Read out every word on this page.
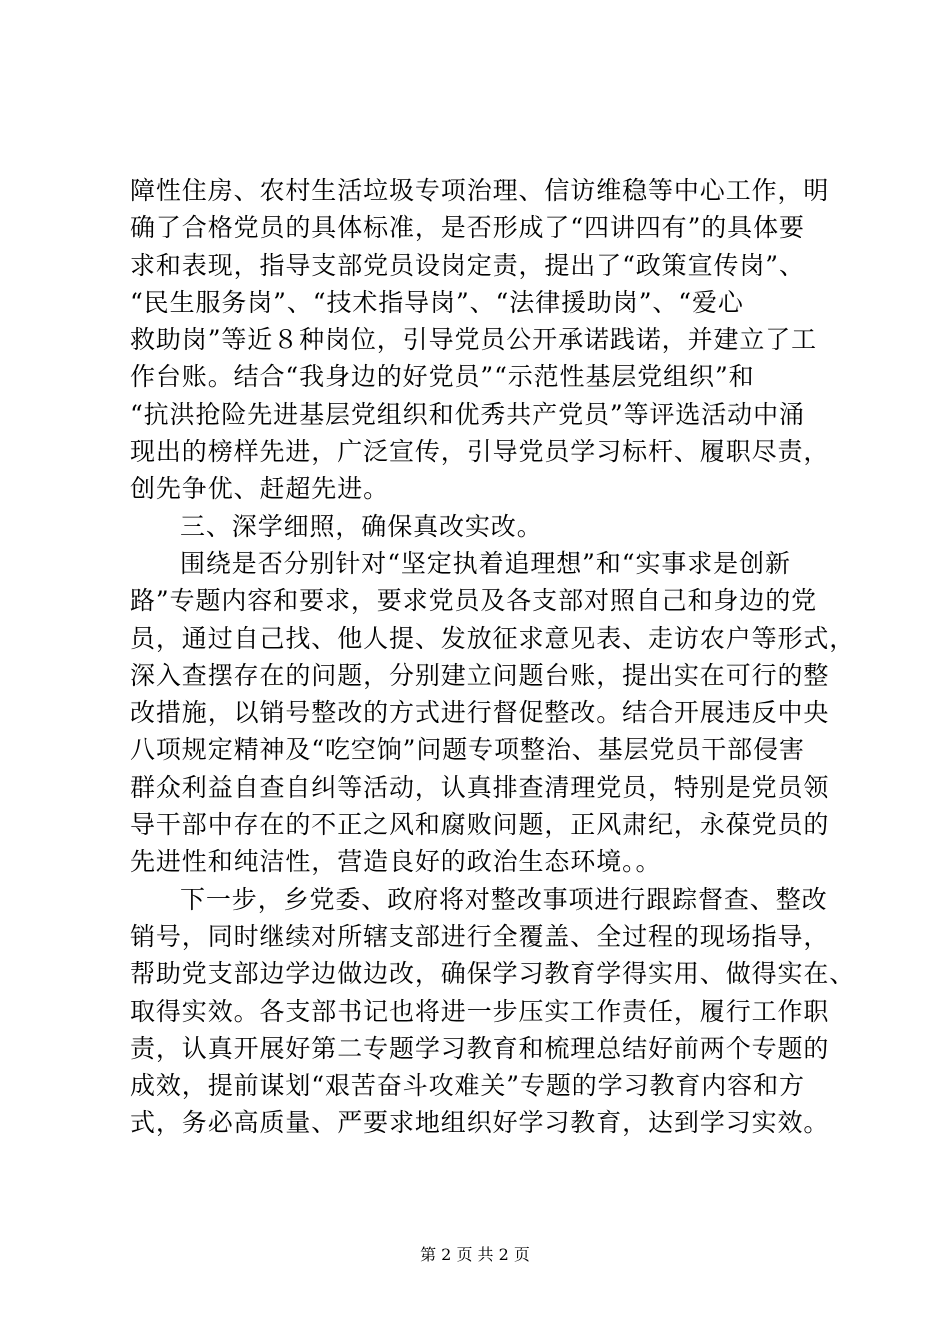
障性住房、农村生活垃圾专项治理、信访维稳等中心工作，明
确了合格党员的具体标准，是否形成了“四讲四有”的具体要
求和表现，指导支部党员设岗定责，提出了“政策宣传岗”、
“民生服务岗”、“技术指导岗”、“法律援助岗”、“爱心
救助岗”等近８种岗位，引导党员公开承诺践诺，并建立了工
作台账。结合“我身边的好党员”“示范性基层党组织”和
“抗洪抢险先进基层党组织和优秀共产党员”等评选活动中涌
现出的榜样先进，广泛宣传，引导党员学习标杆、履职尽责，
创先争优、赶超先进。
三、深学细照，确保真改实改。
围绕是否分别针对“坚定执着追理想”和“实事求是创新
路”专题内容和要求，要求党员及各支部对照自己和身边的党
员，通过自己找、他人提、发放征求意见表、走访农户等形式，
深入查摆存在的问题，分别建立问题台账，提出实在可行的整
改措施，以销号整改的方式进行督促整改。结合开展违反中央
八项规定精神及“吃空饷”问题专项整治、基层党员干部侵害
群众利益自查自纠等活动，认真排查清理党员，特别是党员领
导干部中存在的不正之风和腐败问题，正风肃纪，永葆党员的
先进性和纯洁性，营造良好的政治生态环境。。
下一步，乡党委、政府将对整改事项进行跟踪督查、整改
销号，同时继续对所辖支部进行全覆盖、全过程的现场指导，
帮助党支部边学边做边改，确保学习教育学得实用、做得实在、
取得实效。各支部书记也将进一步压实工作责任，履行工作职
责，认真开展好第二专题学习教育和梳理总结好前两个专题的
成效，提前谋划“艰苦奋斗攻难关”专题的学习教育内容和方
式，务必高质量、严要求地组织好学习教育，达到学习实效。
第 2 页 共 2 页
